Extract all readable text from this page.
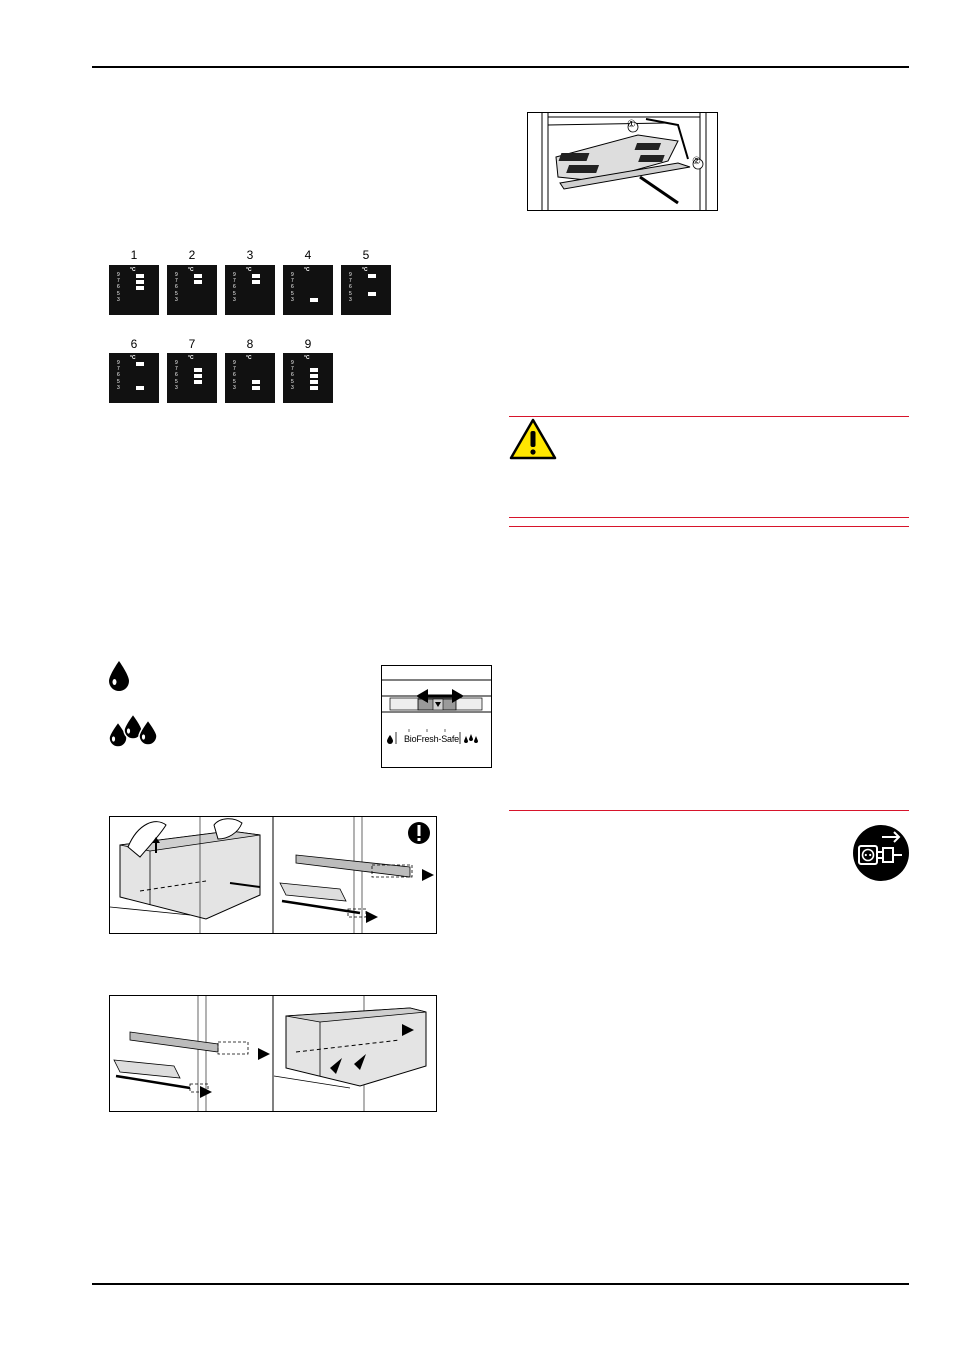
1
°C
9
7
6
5
3
2
°C
9
7
6
5
3
3
°C
9
7
6
5
3
4
°C
9
7
6
5
3
5
°C
9
7
6
5
3
6
°C
9
7
6
5
3
7
°C
9
7
6
5
3
8
°C
9
7
6
5
3
9
°C
9
7
6
5
3
①
②
BioFresh-Safe
